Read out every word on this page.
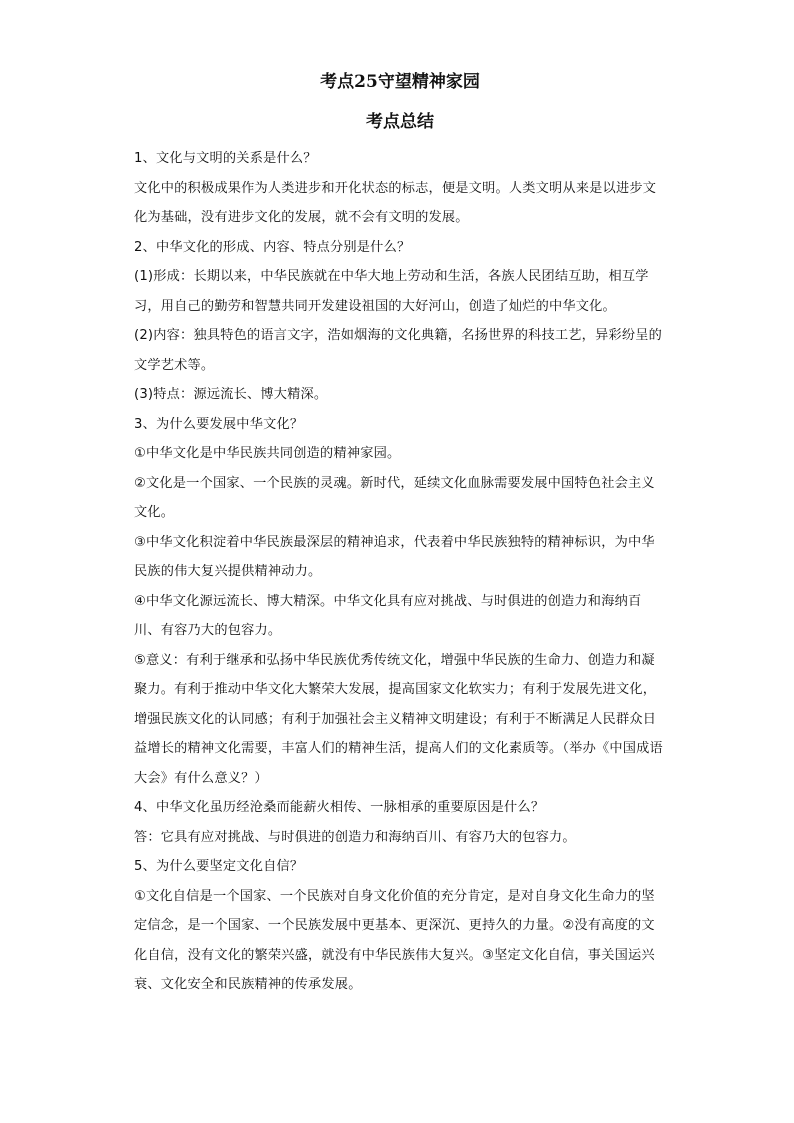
考点25守望精神家园
考点总结

1、文化与文明的关系是什么？

文化中的积极成果作为人类进步和开化状态的标志，便是文明。人类文明从来是以进步文化为基础，没有进步文化的发展，就不会有文明的发展。

2、中华文化的形成、内容、特点分别是什么？

(1)形成：长期以来，中华民族就在中华大地上劳动和生活，各族人民团结互助，相互学习，用自己的勤劳和智慧共同开发建设祖国的大好河山，创造了灿烂的中华文化。

(2)内容：独具特色的语言文字，浩如烟海的文化典籍，名扬世界的科技工艺，异彩纷呈的文学艺术等。

(3)特点：源远流长、博大精深。

3、为什么要发展中华文化？

①中华文化是中华民族共同创造的精神家园。

②文化是一个国家、一个民族的灵魂。新时代，延续文化血脉需要发展中国特色社会主义文化。

③中华文化积淀着中华民族最深层的精神追求，代表着中华民族独特的精神标识，为中华民族的伟大复兴提供精神动力。

④中华文化源远流长、博大精深。中华文化具有应对挑战、与时俱进的创造力和海纳百川、有容乃大的包容力。

⑤意义：有利于继承和弘扬中华民族优秀传统文化，增强中华民族的生命力、创造力和凝聚力。有利于推动中华文化大繁荣大发展，提高国家文化软实力；有利于发展先进文化，增强民族文化的认同感；有利于加强社会主义精神文明建设；有利于不断满足人民群众日益增长的精神文化需要，丰富人们的精神生活，提高人们的文化素质等。（举办《中国成语大会》有什么意义？）

4、中华文化虽历经沧桑而能薪火相传、一脉相承的重要原因是什么？

答：它具有应对挑战、与时俱进的创造力和海纳百川、有容乃大的包容力。

5、为什么要坚定文化自信？

①文化自信是一个国家、一个民族对自身文化价值的充分肯定，是对自身文化生命力的坚定信念，是一个国家、一个民族发展中更基本、更深沉、更持久的力量。②没有高度的文化自信，没有文化的繁荣兴盛，就没有中华民族伟大复兴。③坚定文化自信，事关国运兴衰、文化安全和民族精神的传承发展。
